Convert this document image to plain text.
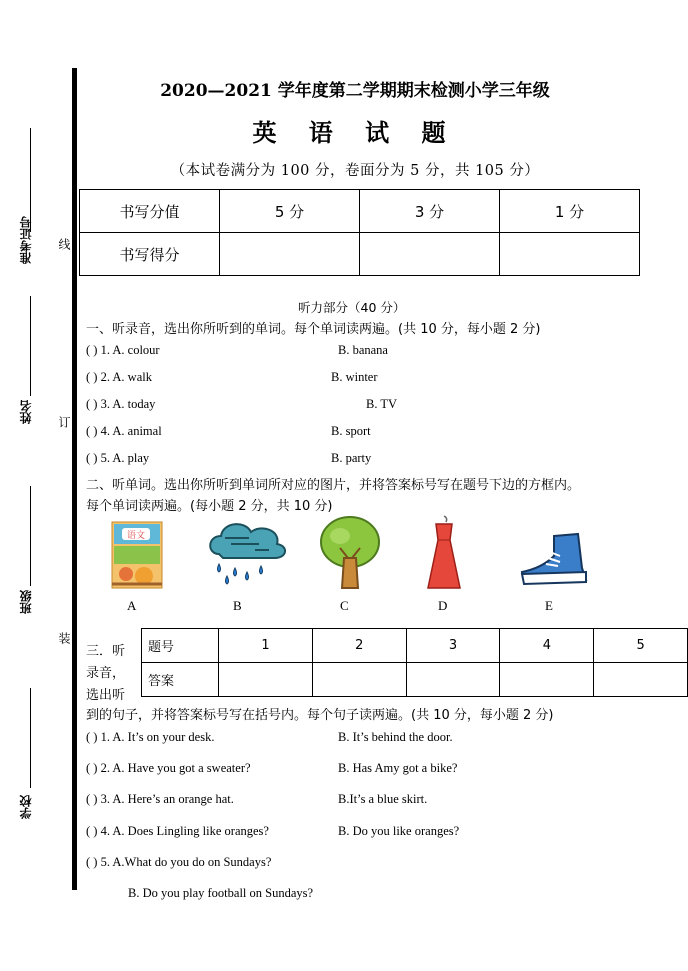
准考证号
姓名
班级
学校
线
订
装
2020—2021 学年度第二学期期末检测小学三年级
英 语 试 题
（本试卷满分为 100 分，卷面分为 5 分，共 105 分）
书写分值	5 分	3 分	1 分
书写得分			
听力部分（40 分）
一、听录音，选出你所听到的单词。每个单词读两遍。(共 10 分，每小题 2 分)
( ) 1. A. colour	B. banana
( ) 2. A. walk	B. winter
( ) 3. A. today	B. TV
( ) 4. A. animal	B. sport
( ) 5. A. play	B. party
二、听单词。选出你所听到单词所对应的图片，并将答案标号写在题号下边的方框内。
每个单词读两遍。(每小题 2 分，共 10 分)
语文
A	B	C	D	E
三．听
录音，
选出听
题号	1	2	3	4	5
答案					
到的句子，并将答案标号写在括号内。每个句子读两遍。(共 10 分，每小题 2 分)
( ) 1. A. It’s on your desk.	B. It’s behind the door.
( ) 2. A. Have you got a sweater?	B. Has Amy got a bike?
( ) 3. A. Here’s an orange hat.	B.It’s a blue skirt.
( ) 4. A. Does Lingling like oranges?	B. Do you like oranges?
( ) 5. A.What do you do on Sundays?
B. Do you play football on Sundays?
